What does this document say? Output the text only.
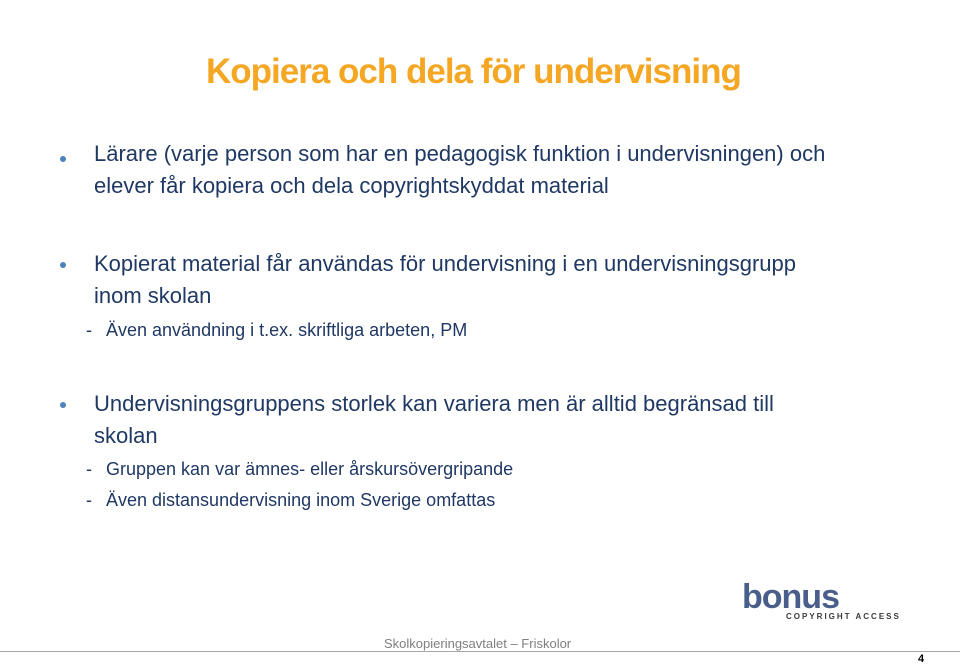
Kopiera och dela för undervisning
Lärare (varje person som har en pedagogisk funktion i undervisningen) och
elever får kopiera och dela copyrightskyddat material
Kopierat material får användas för undervisning i en undervisningsgrupp
inom skolan
- Även användning i t.ex. skriftliga arbeten, PM
Undervisningsgruppens storlek kan variera men är alltid begränsad till
skolan
- Gruppen kan var ämnes- eller årskursövergripande
- Även distansundervisning inom Sverige omfattas
bonus
COPYRIGHT ACCESS
Skolkopieringsavtalet – Friskolor
4
